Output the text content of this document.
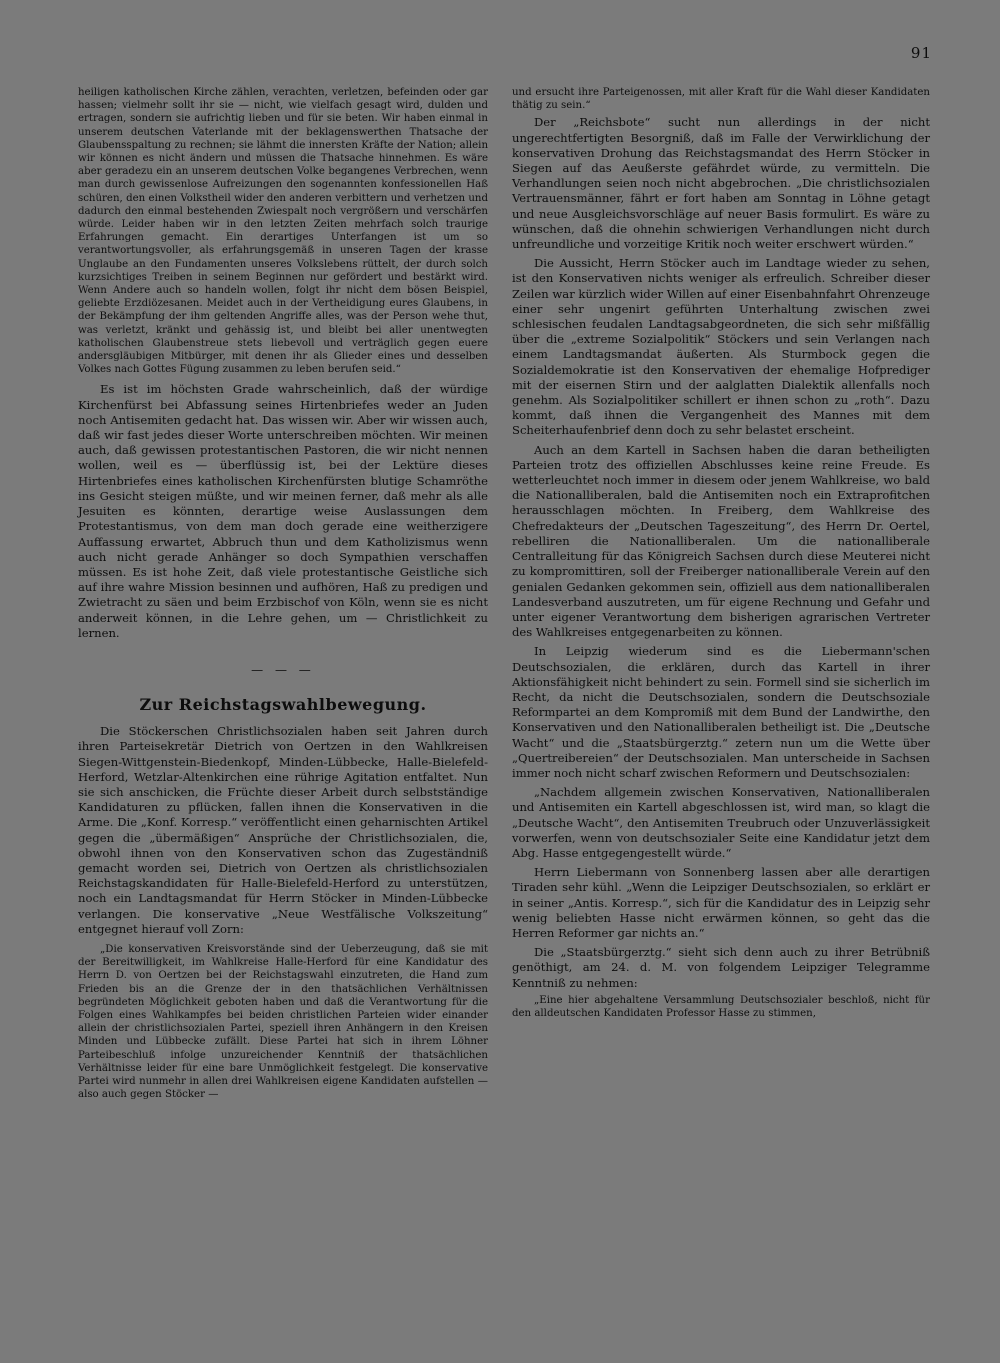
91

heiligen katholischen Kirche zählen, verachten, verletzen, befeinden oder gar hassen; vielmehr sollt ihr sie — nicht, wie vielfach gesagt wird, dulden und ertragen, sondern sie aufrichtig lieben und für sie beten. Wir haben einmal in unserem deutschen Vaterlande mit der beklagenswerthen Thatsache der Glaubensspaltung zu rechnen; sie lähmt die innersten Kräfte der Nation; allein wir können es nicht ändern und müssen die Thatsache hinnehmen. Es wäre aber geradezu ein an unserem deutschen Volke begangenes Verbrechen, wenn man durch gewissenlose Aufreizungen den sogenannten konfessionellen Haß schüren, den einen Volkstheil wider den anderen verbittern und verhetzen und dadurch den einmal bestehenden Zwiespalt noch vergrößern und verschärfen würde. Leider haben wir in den letzten Zeiten mehrfach solch traurige Erfahrungen gemacht. Ein derartiges Unterfangen ist um so verantwortungsvoller, als erfahrungsgemäß in unseren Tagen der krasse Unglaube an den Fundamenten unseres Volkslebens rüttelt, der durch solch kurzsichtiges Treiben in seinem Beginnen nur gefördert und bestärkt wird. Wenn Andere auch so handeln wollen, folgt ihr nicht dem bösen Beispiel, geliebte Erzdiözesanen. Meidet auch in der Vertheidigung eures Glaubens, in der Bekämpfung der ihm geltenden Angriffe alles, was der Person wehe thut, was verletzt, kränkt und gehässig ist, und bleibt bei aller unentwegten katholischen Glaubenstreue stets liebevoll und verträglich gegen euere andersgläubigen Mitbürger, mit denen ihr als Glieder eines und desselben Volkes nach Gottes Fügung zusammen zu leben berufen seid.“

Es ist im höchsten Grade wahrscheinlich, daß der würdige Kirchenfürst bei Abfassung seines Hirtenbriefes weder an Juden noch Antisemiten gedacht hat. Das wissen wir. Aber wir wissen auch, daß wir fast jedes dieser Worte unterschreiben möchten. Wir meinen auch, daß gewissen protestantischen Pastoren, die wir nicht nennen wollen, weil es — überflüssig ist, bei der Lektüre dieses Hirtenbriefes eines katholischen Kirchenfürsten blutige Schamröthe ins Gesicht steigen müßte, und wir meinen ferner, daß mehr als alle Jesuiten es könnten, derartige weise Auslassungen dem Protestantismus, von dem man doch gerade eine weitherzigere Auffassung erwartet, Abbruch thun und dem Katholizismus wenn auch nicht gerade Anhänger so doch Sympathien verschaffen müssen. Es ist hohe Zeit, daß viele protestantische Geistliche sich auf ihre wahre Mission besinnen und aufhören, Haß zu predigen und Zwietracht zu säen und beim Erzbischof von Köln, wenn sie es nicht anderweit können, in die Lehre gehen, um — Christlichkeit zu lernen.

— — —
Zur Reichstagswahlbewegung.

Die Stöckerschen Christlichsozialen haben seit Jahren durch ihren Parteisekretär Dietrich von Oertzen in den Wahlkreisen Siegen-Wittgenstein-Biedenkopf, Minden-Lübbecke, Halle-Bielefeld-Herford, Wetzlar-Altenkirchen eine rührige Agitation entfaltet. Nun sie sich anschicken, die Früchte dieser Arbeit durch selbstständige Kandidaturen zu pflücken, fallen ihnen die Konservativen in die Arme. Die „Konf. Korresp.“ veröffentlicht einen geharnischten Artikel gegen die „übermäßigen“ Ansprüche der Christlichsozialen, die, obwohl ihnen von den Konservativen schon das Zugeständniß gemacht worden sei, Dietrich von Oertzen als christlichsozialen Reichstagskandidaten für Halle-Bielefeld-Herford zu unterstützen, noch ein Landtagsmandat für Herrn Stöcker in Minden-Lübbecke verlangen. Die konservative „Neue Westfälische Volkszeitung“ entgegnet hierauf voll Zorn:

„Die konservativen Kreisvorstände sind der Ueberzeugung, daß sie mit der Bereitwilligkeit, im Wahlkreise Halle-Herford für eine Kandidatur des Herrn D. von Oertzen bei der Reichstagswahl einzutreten, die Hand zum Frieden bis an die Grenze der in den thatsächlichen Verhältnissen begründeten Möglichkeit geboten haben und daß die Verantwortung für die Folgen eines Wahlkampfes bei beiden christlichen Parteien wider einander allein der christlichsozialen Partei, speziell ihren Anhängern in den Kreisen Minden und Lübbecke zufällt. Diese Partei hat sich in ihrem Löhner Parteibeschluß infolge unzureichender Kenntniß der thatsächlichen Verhältnisse leider für eine bare Unmöglichkeit festgelegt. Die konservative Partei wird nunmehr in allen drei Wahlkreisen eigene Kandidaten aufstellen — also auch gegen Stöcker —

und ersucht ihre Parteigenossen, mit aller Kraft für die Wahl dieser Kandidaten thätig zu sein.“

Der „Reichsbote“ sucht nun allerdings in der nicht ungerechtfertigten Besorgniß, daß im Falle der Verwirklichung der konservativen Drohung das Reichstagsmandat des Herrn Stöcker in Siegen auf das Aeußerste gefährdet würde, zu vermitteln. Die Verhandlungen seien noch nicht abgebrochen. „Die christlichsozialen Vertrauensmänner, fährt er fort haben am Sonntag in Löhne getagt und neue Ausgleichsvorschläge auf neuer Basis formulirt. Es wäre zu wünschen, daß die ohnehin schwierigen Verhandlungen nicht durch unfreundliche und vorzeitige Kritik noch weiter erschwert würden.“

Die Aussicht, Herrn Stöcker auch im Landtage wieder zu sehen, ist den Konservativen nichts weniger als erfreulich. Schreiber dieser Zeilen war kürzlich wider Willen auf einer Eisenbahnfahrt Ohrenzeuge einer sehr ungenirt geführten Unterhaltung zwischen zwei schlesischen feudalen Landtagsabgeordneten, die sich sehr mißfällig über die „extreme Sozialpolitik“ Stöckers und sein Verlangen nach einem Landtagsmandat äußerten. Als Sturmbock gegen die Sozialdemokratie ist den Konservativen der ehemalige Hofprediger mit der eisernen Stirn und der aalglatten Dialektik allenfalls noch genehm. Als Sozialpolitiker schillert er ihnen schon zu „roth“. Dazu kommt, daß ihnen die Vergangenheit des Mannes mit dem Scheiterhaufenbrief denn doch zu sehr belastet erscheint.

Auch an dem Kartell in Sachsen haben die daran betheiligten Parteien trotz des offiziellen Abschlusses keine reine Freude. Es wetterleuchtet noch immer in diesem oder jenem Wahlkreise, wo bald die Nationalliberalen, bald die Antisemiten noch ein Extraprofitchen herausschlagen möchten. In Freiberg, dem Wahlkreise des Chefredakteurs der „Deutschen Tageszeitung“, des Herrn Dr. Oertel, rebelliren die Nationalliberalen. Um die nationalliberale Centralleitung für das Königreich Sachsen durch diese Meuterei nicht zu kompromittiren, soll der Freiberger nationalliberale Verein auf den genialen Gedanken gekommen sein, offiziell aus dem nationalliberalen Landesverband auszutreten, um für eigene Rechnung und Gefahr und unter eigener Verantwortung dem bisherigen agrarischen Vertreter des Wahlkreises entgegenarbeiten zu können.

In Leipzig wiederum sind es die Liebermann'schen Deutschsozialen, die erklären, durch das Kartell in ihrer Aktionsfähigkeit nicht behindert zu sein. Formell sind sie sicherlich im Recht, da nicht die Deutschsozialen, sondern die Deutschsoziale Reformpartei an dem Kompromiß mit dem Bund der Landwirthe, den Konservativen und den Nationalliberalen betheiligt ist. Die „Deutsche Wacht“ und die „Staatsbürgerztg.“ zetern nun um die Wette über „Quertreibereien“ der Deutschsozialen. Man unterscheide in Sachsen immer noch nicht scharf zwischen Reformern und Deutschsozialen:

„Nachdem allgemein zwischen Konservativen, Nationalliberalen und Antisemiten ein Kartell abgeschlossen ist, wird man, so klagt die „Deutsche Wacht“, den Antisemiten Treubruch oder Unzuverlässigkeit vorwerfen, wenn von deutschsozialer Seite eine Kandidatur jetzt dem Abg. Hasse entgegengestellt würde.“

Herrn Liebermann von Sonnenberg lassen aber alle derartigen Tiraden sehr kühl. „Wenn die Leipziger Deutschsozialen, so erklärt er in seiner „Antis. Korresp.“, sich für die Kandidatur des in Leipzig sehr wenig beliebten Hasse nicht erwärmen können, so geht das die Herren Reformer gar nichts an.“

Die „Staatsbürgerztg.“ sieht sich denn auch zu ihrer Betrübniß genöthigt, am 24. d. M. von folgendem Leipziger Telegramme Kenntniß zu nehmen:

„Eine hier abgehaltene Versammlung Deutschsozialer beschloß, nicht für den alldeutschen Kandidaten Professor Hasse zu stimmen,
